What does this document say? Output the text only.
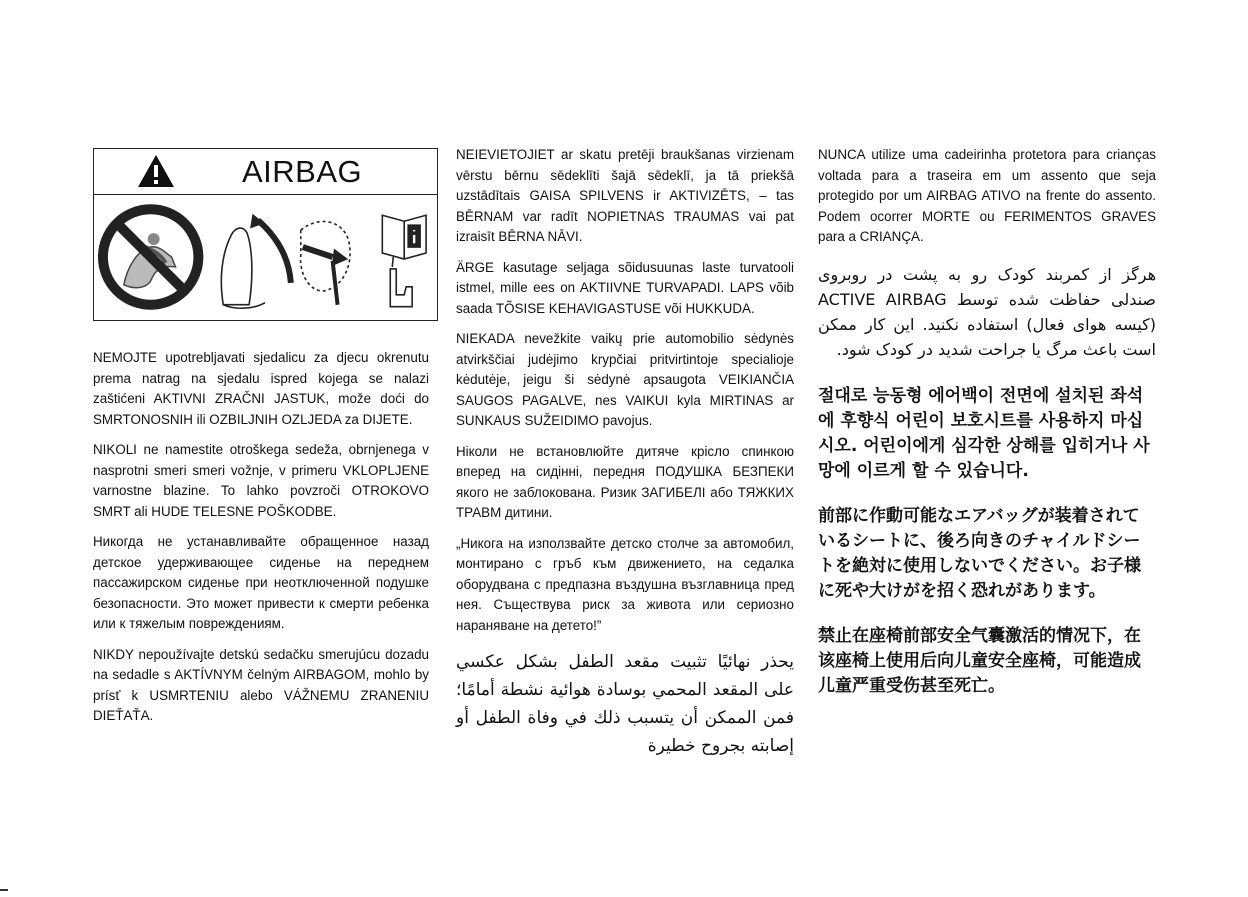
AIRBAG

NEMOJTE upotrebljavati sjedalicu za djecu okrenutu prema natrag na sjedalu ispred kojega se nalazi zaštićeni AKTIVNI ZRAČNI JASTUK, može doći do SMRTONOSNIH ili OZBILJNIH OZLJEDA za DIJETE.

NIKOLI ne namestite otroškega sedeža, obrnjenega v nasprotni smeri smeri vožnje, v primeru VKLOPLJENE varnostne blazine. To lahko povzroči OTROKOVO SMRT ali HUDE TELESNE POŠKODBE.

Никогда не устанавливайте обращенное назад детское удерживающее сиденье на переднем пассажирском сиденье при неотключенной подушке безопасности. Это может привести к смерти ребенка или к тяжелым повреждениям.

NIKDY nepoužívajte detskú sedačku smerujúcu dozadu na sedadle s AKTÍVNYM čelným AIRBAGOM, mohlo by prísť k USMRTENIU alebo VÁŽNEMU ZRANENIU DIEŤAŤA.

NEIEVIETOJIET ar skatu pretēji braukšanas virzienam vērstu bērnu sēdeklīti šajā sēdeklī, ja tā priekšā uzstādītais GAISA SPILVENS ir AKTIVIZĒTS, – tas BĒRNAM var radīt NOPIETNAS TRAUMAS vai pat izraisīt BĒRNA NĀVI.

ÄRGE kasutage seljaga sõidusuunas laste turvatooli istmel, mille ees on AKTIIVNE TURVAPADI. LAPS võib saada TÕSISE KEHAVIGASTUSE või HUKKUDA.

NIEKADA nevežkite vaikų prie automobilio sėdynės atvirkščiai judėjimo krypčiai pritvirtintoje specialioje kėdutėje, jeigu ši sėdynė apsaugota VEIKIANČIA SAUGOS PAGALVE, nes VAIKUI kyla MIRTINAS ar SUNKAUS SUŽEIDIMO pavojus.

Ніколи не встановлюйте дитяче крісло спинкою вперед на сидінні, передня ПОДУШКА БЕЗПЕКИ якого не заблокована. Ризик ЗАГИБЕЛІ або ТЯЖКИХ ТРАВМ дитини.

„Никога на използвайте детско столче за автомобил, монтирано с гръб към движението, на седалка оборудвана с предпазна въздушна възглавница пред нея. Съществува риск за живота или сериозно нараняване на детето!”

يحذر نهائيًا تثبيت مقعد الطفل بشكل عكسي على المقعد المحمي بوسادة هوائية نشطة أمامًا؛ فمن الممكن أن يتسبب ذلك في وفاة الطفل أو إصابته بجروح خطيرة

NUNCA utilize uma cadeirinha protetora para crianças voltada para a traseira em um assento que seja protegido por um AIRBAG ATIVO na frente do assento. Podem ocorrer MORTE ou FERIMENTOS GRAVES para a CRIANÇA.

هرگز از کمربند کودک رو به پشت در روبروی صندلی حفاظت شده توسط ACTIVE AIRBAG (کیسه هوای فعال) استفاده نکنید. این کار ممکن است باعث مرگ یا جراحت شدید در کودک شود.

절대로 능동형 에어백이 전면에 설치된 좌석에 후향식 어린이 보호시트를 사용하지 마십시오. 어린이에게 심각한 상해를 입히거나 사망에 이르게 할 수 있습니다.

前部に作動可能なエアバッグが装着されているシートに、後ろ向きのチャイルドシートを絶対に使用しないでください。お子様に死や大けがを招く恐れがあります。

禁止在座椅前部安全气囊激活的情况下，在该座椅上使用后向儿童安全座椅，可能造成儿童严重受伤甚至死亡。
